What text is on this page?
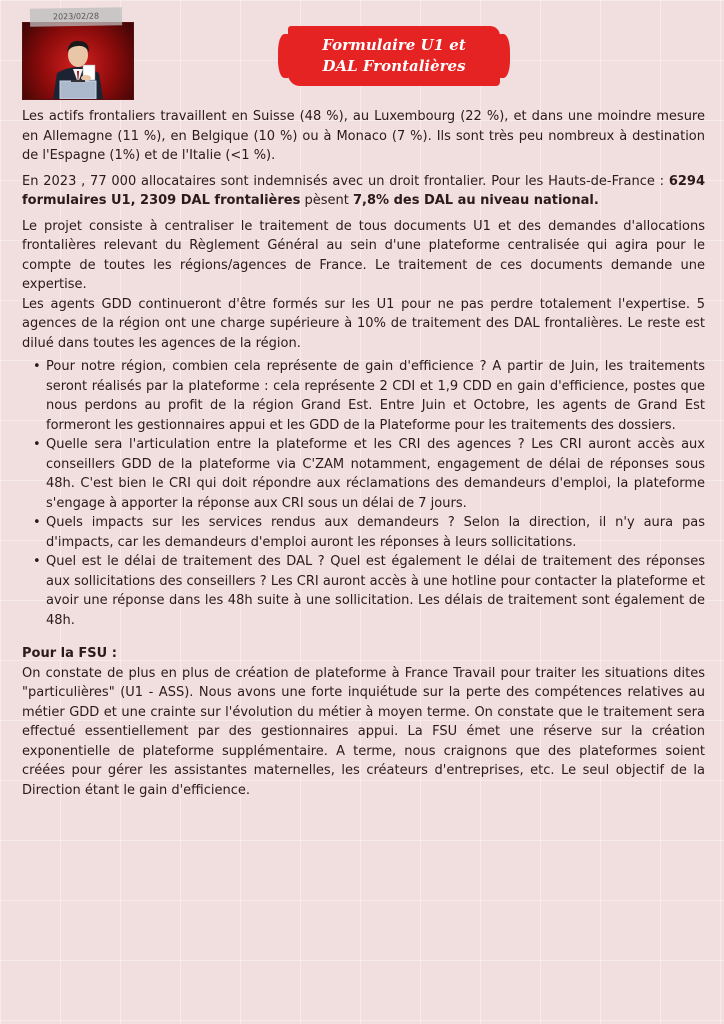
2023/02/28
Formulaire U1 et
DAL Frontalières

Les actifs frontaliers travaillent en Suisse (48 %), au Luxembourg (22 %), et dans une moindre mesure en Allemagne (11 %), en Belgique (10 %) ou à Monaco (7 %). Ils sont très peu nombreux à destination de l'Espagne (1%) et de l'Italie (<1 %).

En 2023 , 77 000 allocataires sont indemnisés avec un droit frontalier. Pour les Hauts-de-France : 6294 formulaires U1, 2309 DAL frontalières pèsent 7,8% des DAL au niveau national.

Le projet consiste à centraliser le traitement de tous documents U1 et des demandes d'allocations frontalières relevant du Règlement Général au sein d'une plateforme centralisée qui agira pour le compte de toutes les régions/agences de France. Le traitement de ces documents demande une expertise.

Les agents GDD continueront d'être formés sur les U1 pour ne pas perdre totalement l'expertise. 5 agences de la région ont une charge supérieure à 10% de traitement des DAL frontalières. Le reste est dilué dans toutes les agences de la région.

• Pour notre région, combien cela représente de gain d'efficience ? A partir de Juin, les traitements seront réalisés par la plateforme : cela représente 2 CDI et 1,9 CDD en gain d'efficience, postes que nous perdons au profit de la région Grand Est. Entre Juin et Octobre, les agents de Grand Est formeront les gestionnaires appui et les GDD de la Plateforme pour les traitements des dossiers.
• Quelle sera l'articulation entre la plateforme et les CRI des agences ? Les CRI auront accès aux conseillers GDD de la plateforme via C'ZAM notamment, engagement de délai de réponses sous 48h. C'est bien le CRI qui doit répondre aux réclamations des demandeurs d'emploi, la plateforme s'engage à apporter la réponse aux CRI sous un délai de 7 jours.
• Quels impacts sur les services rendus aux demandeurs ? Selon la direction, il n'y aura pas d'impacts, car les demandeurs d'emploi auront les réponses à leurs sollicitations.
• Quel est le délai de traitement des DAL ? Quel est également le délai de traitement des réponses aux sollicitations des conseillers ? Les CRI auront accès à une hotline pour contacter la plateforme et avoir une réponse dans les 48h suite à une sollicitation. Les délais de traitement sont également de 48h.
Pour la FSU :

On constate de plus en plus de création de plateforme à France Travail pour traiter les situations dites "particulières" (U1 - ASS). Nous avons une forte inquiétude sur la perte des compétences relatives au métier GDD et une crainte sur l'évolution du métier à moyen terme. On constate que le traitement sera effectué essentiellement par des gestionnaires appui. La FSU émet une réserve sur la création exponentielle de plateforme supplémentaire. A terme, nous craignons que des plateformes soient créées pour gérer les assistantes maternelles, les créateurs d'entreprises, etc. Le seul objectif de la Direction étant le gain d'efficience.
